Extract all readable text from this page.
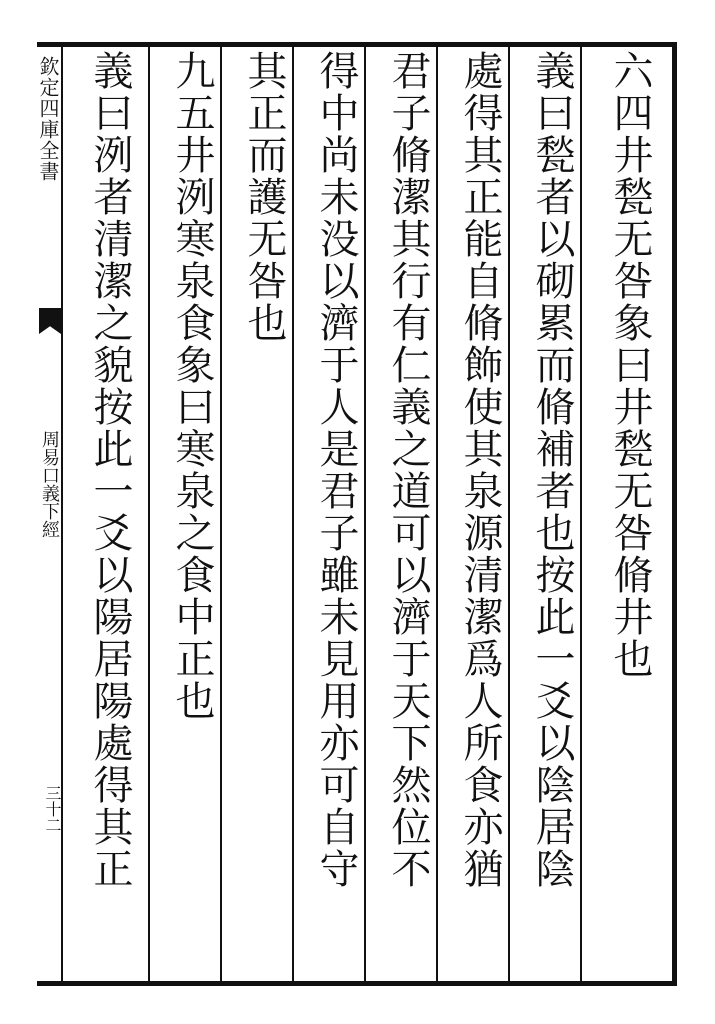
欽定四庫全書
周易口義下經
三十二
六四井甃无咎象曰井甃无咎脩井也
義曰甃者以砌累而脩補者也按此一爻以陰居陰
處得其正能自脩飾使其泉源清潔爲人所食亦猶
君子脩潔其行有仁義之道可以濟于天下然位不
得中尚未没以濟于人是君子雖未見用亦可自守
其正而護无咎也
九五井洌寒泉食象曰寒泉之食中正也
義曰洌者清潔之貌按此一爻以陽居陽處得其正
